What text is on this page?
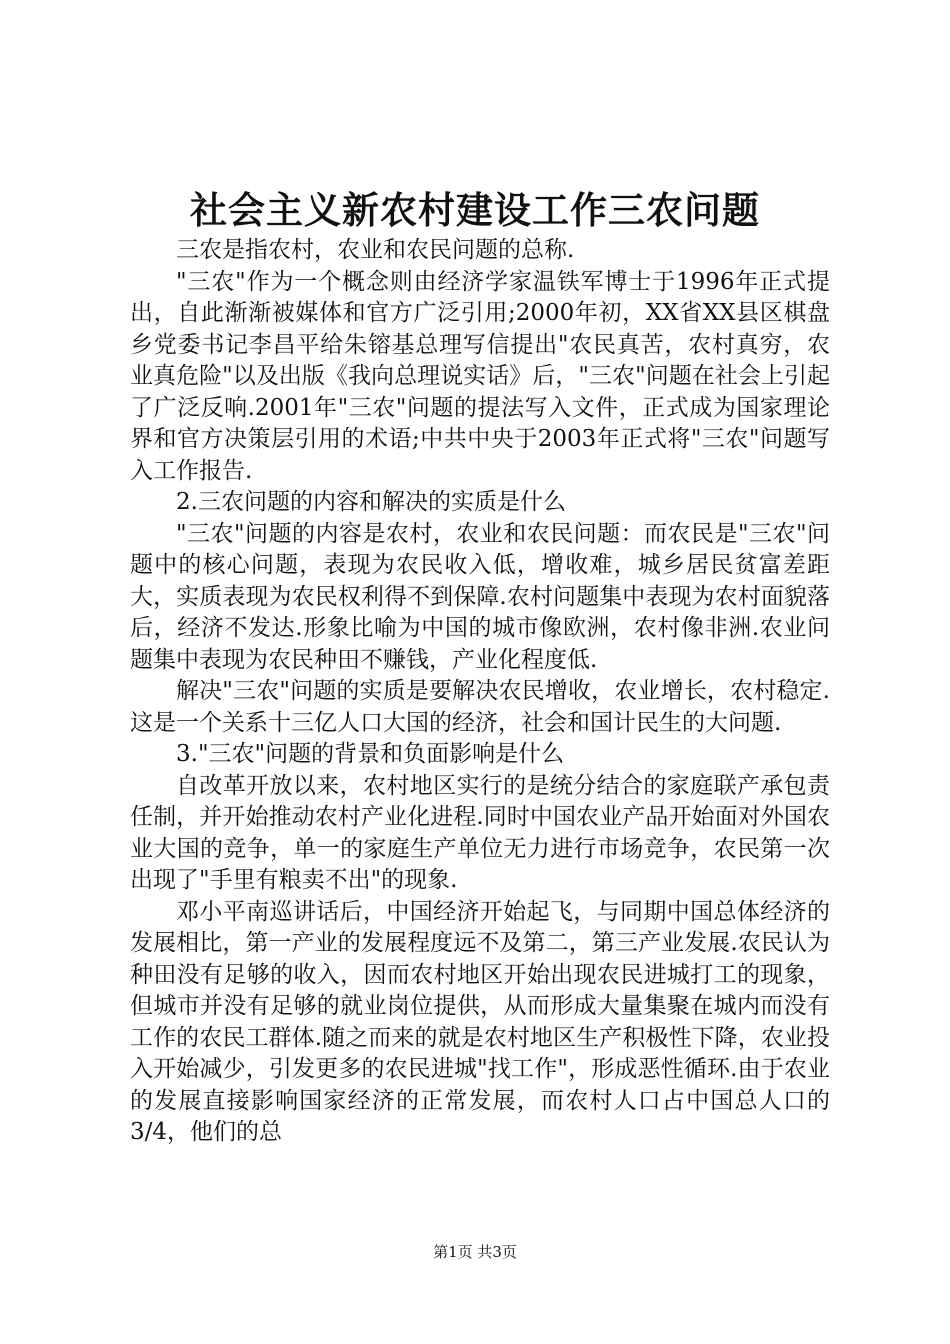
社会主义新农村建设工作三农问题

三农是指农村，农业和农民问题的总称.

"三农"作为一个概念则由经济学家温铁军博士于1996年正式提出，自此渐渐被媒体和官方广泛引用;2000年初，XX省XX县区棋盘乡党委书记李昌平给朱镕基总理写信提出"农民真苦，农村真穷，农业真危险"以及出版《我向总理说实话》后，"三农"问题在社会上引起了广泛反响.2001年"三农"问题的提法写入文件，正式成为国家理论界和官方决策层引用的术语;中共中央于2003年正式将"三农"问题写入工作报告.

2.三农问题的内容和解决的实质是什么

"三农"问题的内容是农村，农业和农民问题：而农民是"三农"问题中的核心问题，表现为农民收入低，增收难，城乡居民贫富差距大，实质表现为农民权利得不到保障.农村问题集中表现为农村面貌落后，经济不发达.形象比喻为中国的城市像欧洲，农村像非洲.农业问题集中表现为农民种田不赚钱，产业化程度低.

解决"三农"问题的实质是要解决农民增收，农业增长，农村稳定.这是一个关系十三亿人口大国的经济，社会和国计民生的大问题.

3."三农"问题的背景和负面影响是什么

自改革开放以来，农村地区实行的是统分结合的家庭联产承包责任制，并开始推动农村产业化进程.同时中国农业产品开始面对外国农业大国的竞争，单一的家庭生产单位无力进行市场竞争，农民第一次出现了"手里有粮卖不出"的现象.

邓小平南巡讲话后，中国经济开始起飞，与同期中国总体经济的发展相比，第一产业的发展程度远不及第二，第三产业发展.农民认为种田没有足够的收入，因而农村地区开始出现农民进城打工的现象，但城市并没有足够的就业岗位提供，从而形成大量集聚在城内而没有工作的农民工群体.随之而来的就是农村地区生产积极性下降，农业投入开始减少，引发更多的农民进城"找工作"，形成恶性循环.由于农业的发展直接影响国家经济的正常发展，而农村人口占中国总人口的3/4，他们的总

第1页 共3页
